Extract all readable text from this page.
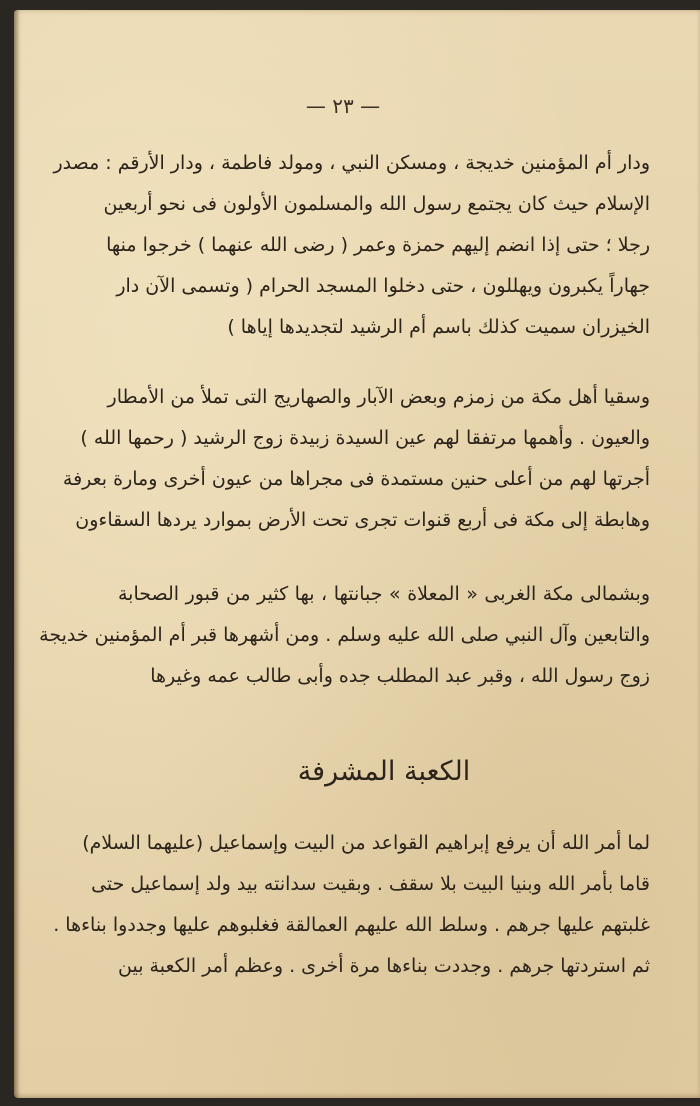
— ٢٣ —
ودار أم المؤمنين خديجة ، ومسكن النبي ، ومولد فاطمة ، ودار الأرقم : مصدر
الإسلام حيث كان يجتمع رسول الله والمسلمون الأولون فى نحو أربعين
رجلا ؛ حتى إذا انضم إليهم حمزة وعمر ( رضى الله عنهما ) خرجوا منها
جهاراً يكبرون ويهللون ، حتى دخلوا المسجد الحرام ( وتسمى الآن دار
الخيزران سميت كذلك باسم أم الرشيد لتجديدها إياها )
وسقيا أهل مكة من زمزم وبعض الآبار والصهاريج التى تملأ من الأمطار
والعيون . وأهمها مرتفقا لهم عين السيدة زبيدة زوج الرشيد ( رحمها الله )
أجرتها لهم من أعلى حنين مستمدة فى مجراها من عيون أخرى ومارة بعرفة
وهابطة إلى مكة فى أربع قنوات تجرى تحت الأرض بموارد يردها السقاءون
وبشمالى مكة الغربى « المعلاة » جبانتها ، بها كثير من قبور الصحابة
والتابعين وآل النبي صلى الله عليه وسلم . ومن أشهرها قبر أم المؤمنين خديجة
زوج رسول الله ، وقبر عبد المطلب جده وأبى طالب عمه وغيرها
الكعبة المشرفة
لما أمر الله أن يرفع إبراهيم القواعد من البيت وإسماعيل (عليهما السلام)
قاما بأمر الله وبنيا البيت بلا سقف . وبقيت سدانته بيد ولد إسماعيل حتى
غلبتهم عليها جرهم . وسلط الله عليهم العمالقة فغلبوهم عليها وجددوا بناءها .
ثم استردتها جرهم . وجددت بناءها مرة أخرى . وعظم أمر الكعبة بين
